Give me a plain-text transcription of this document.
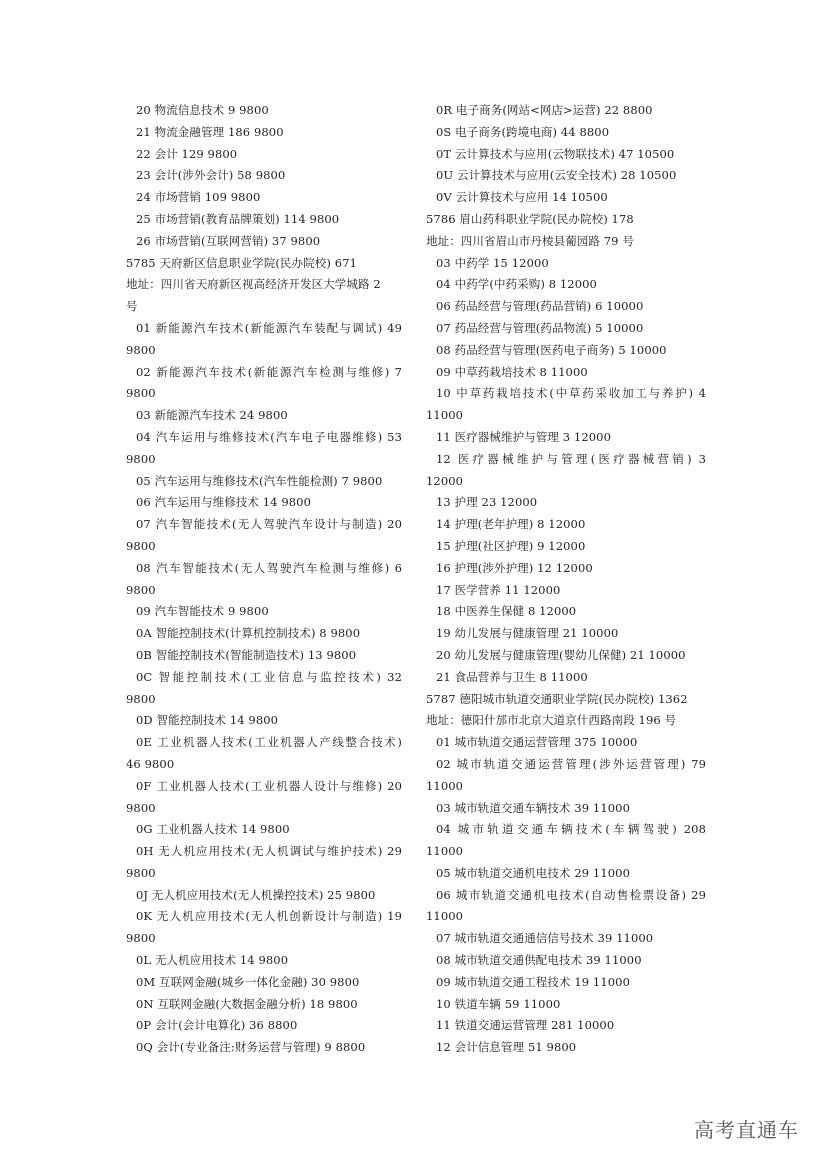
20 物流信息技术 9 9800
21 物流金融管理 186 9800
22 会计 129 9800
23 会计(涉外会计) 58 9800
24 市场营销 109 9800
25 市场营销(教育品牌策划) 114 9800
26 市场营销(互联网营销) 37 9800
5785 天府新区信息职业学院(民办院校) 671
地址：四川省天府新区视高经济开发区大学城路 2
号
01 新能源汽车技术(新能源汽车装配与调试) 49
9800
02 新能源汽车技术(新能源汽车检测与维修) 7
9800
03 新能源汽车技术 24 9800
04 汽车运用与维修技术(汽车电子电器维修) 53
9800
05 汽车运用与维修技术(汽车性能检测) 7 9800
06 汽车运用与维修技术 14 9800
07 汽车智能技术(无人驾驶汽车设计与制造) 20
9800
08 汽车智能技术(无人驾驶汽车检测与维修) 6
9800
09 汽车智能技术 9 9800
0A 智能控制技术(计算机控制技术) 8 9800
0B 智能控制技术(智能制造技术) 13 9800
0C 智能控制技术(工业信息与监控技术) 32
9800
0D 智能控制技术 14 9800
0E 工业机器人技术(工业机器人产线整合技术)
46 9800
0F 工业机器人技术(工业机器人设计与维修) 20
9800
0G 工业机器人技术 14 9800
0H 无人机应用技术(无人机调试与维护技术) 29
9800
0J 无人机应用技术(无人机操控技术) 25 9800
0K 无人机应用技术(无人机创新设计与制造) 19
9800
0L 无人机应用技术 14 9800
0M 互联网金融(城乡一体化金融) 30 9800
0N 互联网金融(大数据金融分析) 18 9800
0P 会计(会计电算化) 36 8800
0Q 会计(专业备注:财务运营与管理) 9 8800
0R 电子商务(网站<网店>运营) 22 8800
0S 电子商务(跨境电商) 44 8800
0T 云计算技术与应用(云物联技术) 47 10500
0U 云计算技术与应用(云安全技术) 28 10500
0V 云计算技术与应用 14 10500
5786 眉山药科职业学院(民办院校) 178
地址：四川省眉山市丹棱县葡园路 79 号
03 中药学 15 12000
04 中药学(中药采购) 8 12000
06 药品经营与管理(药品营销) 6 10000
07 药品经营与管理(药品物流) 5 10000
08 药品经营与管理(医药电子商务) 5 10000
09 中草药栽培技术 8 11000
10 中草药栽培技术(中草药采收加工与养护) 4
11000
11 医疗器械维护与管理 3 12000
12 医疗器械维护与管理(医疗器械营销) 3
12000
13 护理 23 12000
14 护理(老年护理) 8 12000
15 护理(社区护理) 9 12000
16 护理(涉外护理) 12 12000
17 医学营养 11 12000
18 中医养生保健 8 12000
19 幼儿发展与健康管理 21 10000
20 幼儿发展与健康管理(婴幼儿保健) 21 10000
21 食品营养与卫生 8 11000
5787 德阳城市轨道交通职业学院(民办院校) 1362
地址：德阳什邡市北京大道京什西路南段 196 号
01 城市轨道交通运营管理 375 10000
02 城市轨道交通运营管理(涉外运营管理) 79
11000
03 城市轨道交通车辆技术 39 11000
04 城市轨道交通车辆技术(车辆驾驶) 208
11000
05 城市轨道交通机电技术 29 11000
06 城市轨道交通机电技术(自动售检票设备) 29
11000
07 城市轨道交通通信信号技术 39 11000
08 城市轨道交通供配电技术 39 11000
09 城市轨道交通工程技术 19 11000
10 铁道车辆 59 11000
11 铁道交通运营管理 281 10000
12 会计信息管理 51 9800
高考直通车
